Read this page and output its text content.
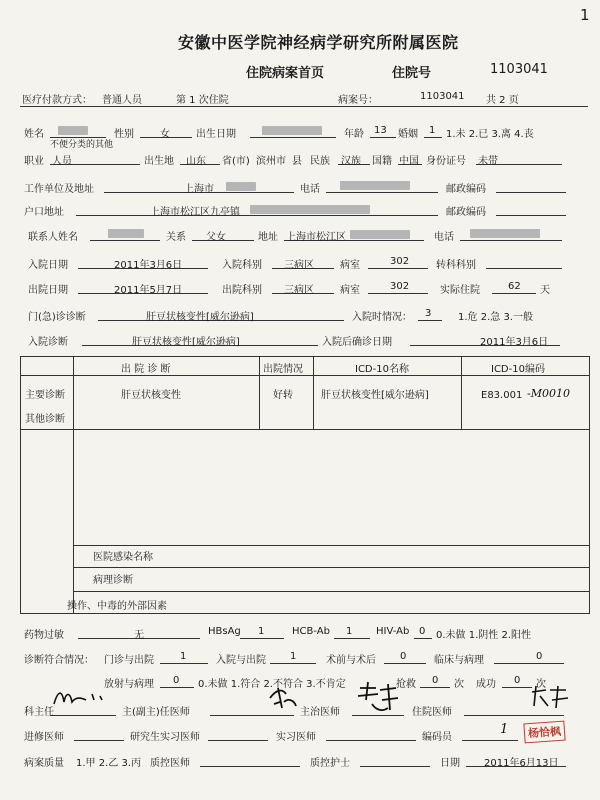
安徽中医学院神经病学研究所附属医院
住院病案首页	住院号	1103041
1
医疗付款方式： 普通人员	第 1 次住院	病案号：	1103041 共 2 页
姓名	性别	女	出生日期	年龄 13 婚姻 1 1.未 2.已 3.离 4.丧
不便分类的其他
职业 人员	出生地 山东 省(市) 滨州市 县 民族 汉族 国籍 中国 身份证号 未带
工作单位及地址	上海市	电话	邮政编码
户口地址	上海市松江区九亭镇	邮政编码
联系人姓名	关系 父女	地址 上海市松江区	电话
入院日期	2011年3月6日	入院科别 三病区	病室	302	转科科别
出院日期	2011年5月7日	出院科别 三病区	病室	302	实际住院	62 天
门(急)诊诊断	肝豆状核变性[威尔逊病]	入院时情况： 3	1.危 2.急 3.一般
入院诊断	肝豆状核变性[威尔逊病]	入院后确诊日期	2011年3月6日
出 院 诊 断	出院情况	ICD-10名称	ICD-10编码
主要诊断	肝豆状核变性	好转	肝豆状核变性[威尔逊病]	E83.001 -M0010
其他诊断
医院感染名称
病理诊断
操作、中毒的外部因素
药物过敏	无	HBsAg 1	HCB-Ab 1 HIV-Ab 0 0.未做 1.阴性 2.阳性
诊断符合情况： 门诊与出院	1	入院与出院 1	术前与术后 0	临床与病理	0
放射与病理 0 0.未做 1.符合 2.不符合 3.不肯定	抢救 0 次 成功 0 次
科主任	主(副主)任医师	主治医师	住院医师
进修医师	研究生实习医师	实习医师	编码员
1	杨恰枫
病案质量 1.甲 2.乙 3.丙 质控医师	质控护士	日期 2011年6月13日
